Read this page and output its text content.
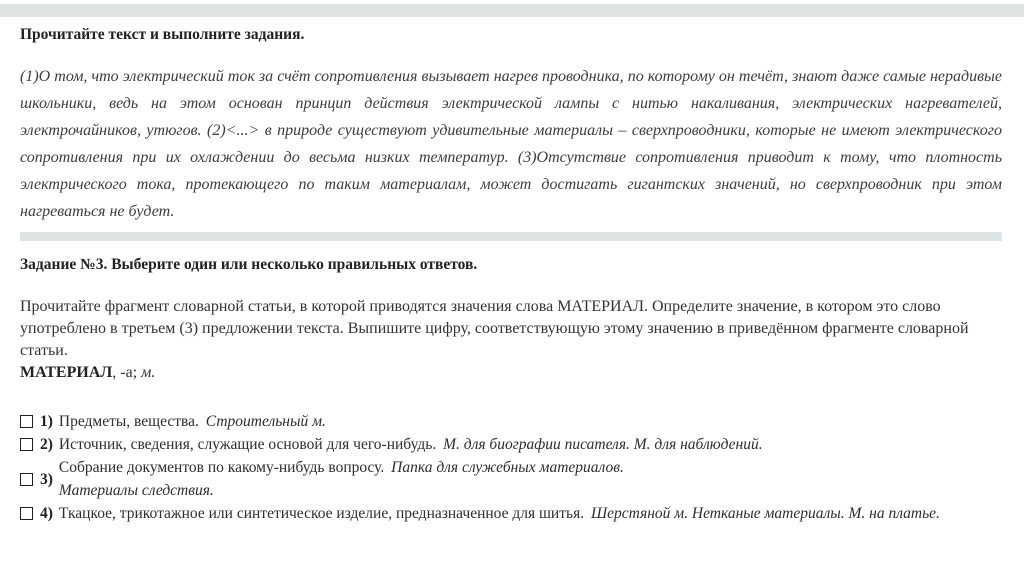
Прочитайте текст и выполните задания.

(1)О том, что электрический ток за счёт сопротивления вызывает нагрев проводника, по которому он течёт, знают даже самые нерадивые школьники, ведь на этом основан принцип действия электрической лампы с нитью накаливания, электрических нагревателей, электрочайников, утюгов. (2)<...> в природе существуют удивительные материалы – сверхпроводники, которые не имеют электрического сопротивления при их охлаждении до весьма низких температур. (3)Отсутствие сопротивления приводит к тому, что плотность электрического тока, протекающего по таким материалам, может достигать гигантских значений, но сверхпроводник при этом нагреваться не будет.

Задание №3. Выберите один или несколько правильных ответов.

Прочитайте фрагмент словарной статьи, в которой приводятся значения слова МАТЕРИАЛ. Определите значение, в котором это слово употреблено в третьем (3) предложении текста. Выпишите цифру, соответствующую этому значению в приведённом фрагменте словарной статьи.

МАТЕРИАЛ, -а; м.

1) Предметы, вещества. Строительный м.
2) Источник, сведения, служащие основой для чего-нибудь. М. для биографии писателя. М. для наблюдений.
3)
Собрание документов по какому-нибудь вопросу. Папка для служебных материалов. Материалы следствия.
4) Ткацкое, трикотажное или синтетическое изделие, предназначенное для шитья. Шерстяной м. Нетканые материалы. М. на платье.
